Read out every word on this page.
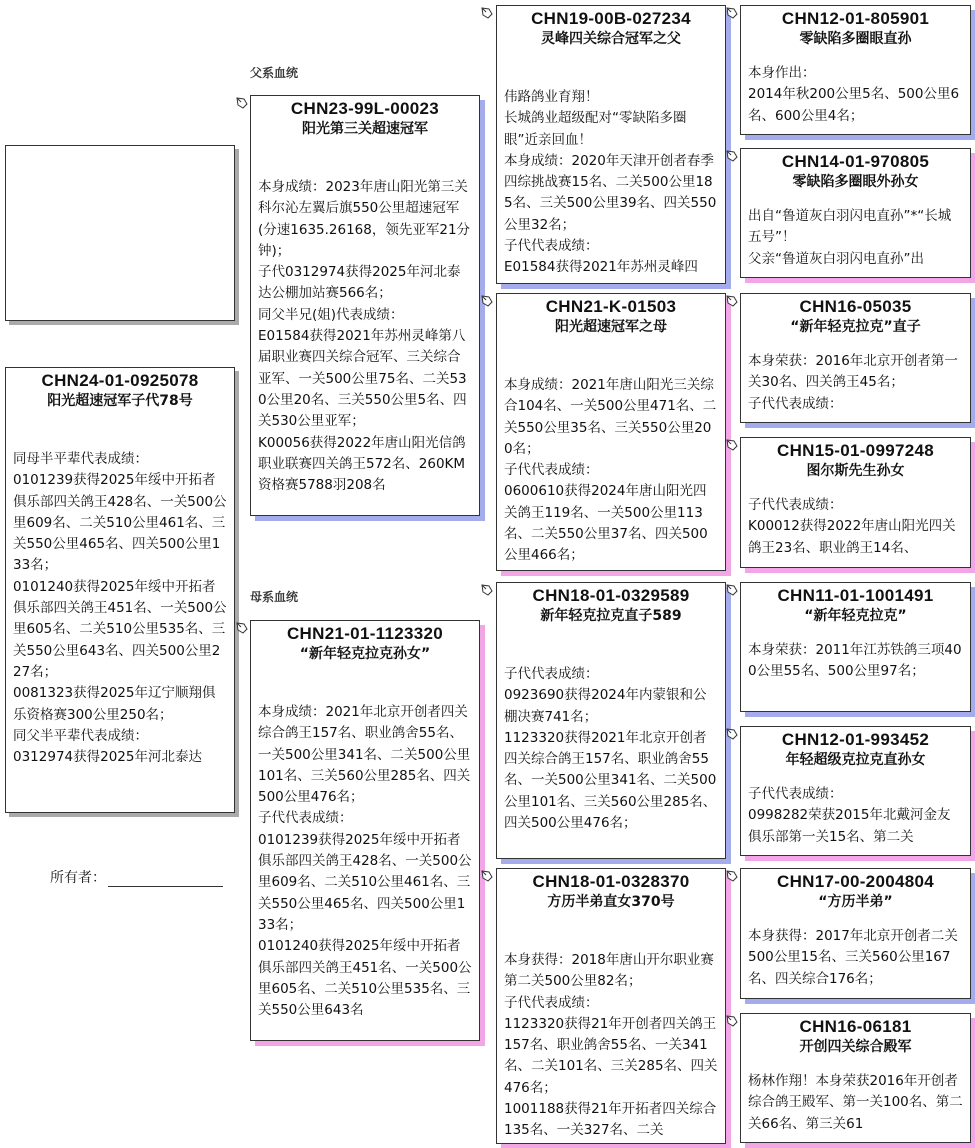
CHN24-01-0925078
阳光超速冠军子代78号
同母半平辈代表成绩：
0101239获得2025年绥中开拓者俱乐部四关鸽王428名、一关500公里609名、二关510公里461名、三关550公里465名、四关500公里133名；
0101240获得2025年绥中开拓者俱乐部四关鸽王451名、一关500公里605名、二关510公里535名、三关550公里643名、四关500公里227名；
0081323获得2025年辽宁顺翔俱乐资格赛300公里250名；
同父半平辈代表成绩：
0312974获得2025年河北泰达
所有者：
父系血统
母系血统
CHN23-99L-00023
阳光第三关超速冠军
本身成绩：2023年唐山阳光第三关科尔沁左翼后旗550公里超速冠军(分速1635.26168，领先亚军21分钟)；
子代0312974获得2025年河北泰达公棚加站赛566名；
同父半兄(姐)代表成绩：
E01584获得2021年苏州灵峰第八届职业赛四关综合冠军、三关综合亚军、一关500公里75名、二关530公里20名、三关550公里5名、四关530公里亚军；
K00056获得2022年唐山阳光信鸽职业联赛四关鸽王572名、260KM资格赛5788羽208名
CHN21-01-1123320
“新年轻克拉克孙女”
本身成绩：2021年北京开创者四关综合鸽王157名、职业鸽舍55名、一关500公里341名、二关500公里101名、三关560公里285名、四关500公里476名；
子代代表成绩：
0101239获得2025年绥中开拓者俱乐部四关鸽王428名、一关500公里609名、二关510公里461名、三关550公里465名、四关500公里133名；
0101240获得2025年绥中开拓者俱乐部四关鸽王451名、一关500公里605名、二关510公里535名、三关550公里643名
CHN19-00B-027234
灵峰四关综合冠军之父
伟路鸽业育翔！
长城鸽业超级配对“零缺陷多圈眼”近亲回血！
本身成绩：2020年天津开创者春季四综挑战赛15名、二关500公里185名、三关500公里39名、四关550公里32名；
子代代表成绩：
E01584获得2021年苏州灵峰四
CHN21-K-01503
阳光超速冠军之母
本身成绩：2021年唐山阳光三关综合104名、一关500公里471名、二关550公里35名、三关550公里200名；
子代代表成绩：
0600610获得2024年唐山阳光四关鸽王119名、一关500公里113名、二关550公里37名、四关500公里466名；
CHN18-01-0329589
新年轻克拉克直子589
子代代表成绩：
0923690获得2024年内蒙银和公棚决赛741名；
1123320获得2021年北京开创者四关综合鸽王157名、职业鸽舍55名、一关500公里341名、二关500公里101名、三关560公里285名、四关500公里476名；
CHN18-01-0328370
方历半弟直女370号
本身获得：2018年唐山开尔职业赛第二关500公里82名；
子代代表成绩：
1123320获得21年开创者四关鸽王157名、职业鸽舍55名、一关341名、二关101名、三关285名、四关476名；
1001188获得21年开拓者四关综合135名、一关327名、二关
CHN12-01-805901
零缺陷多圈眼直孙
本身作出：
2014年秋200公里5名、500公里6名、600公里4名；
CHN14-01-970805
零缺陷多圈眼外孙女
出自“鲁道灰白羽闪电直孙”*“长城五号”！
父亲“鲁道灰白羽闪电直孙”出
CHN16-05035
“新年轻克拉克”直子
本身荣获：2016年北京开创者第一关30名、四关鸽王45名；
子代代表成绩：
CHN15-01-0997248
图尔斯先生孙女
子代代表成绩：
K00012获得2022年唐山阳光四关鸽王23名、职业鸽王14名、
CHN11-01-1001491
“新年轻克拉克”
本身荣获：2011年江苏铁鸽三项400公里55名、500公里97名；
CHN12-01-993452
年轻超级克拉克直孙女
子代代表成绩：
0998282荣获2015年北戴河金友俱乐部第一关15名、第二关
CHN17-00-2004804
“方历半弟”
本身获得：2017年北京开创者二关500公里15名、三关560公里167名、四关综合176名；
CHN16-06181
开创四关综合殿军
杨林作翔！本身荣获2016年开创者综合鸽王殿军、第一关100名、第二关66名、第三关61
